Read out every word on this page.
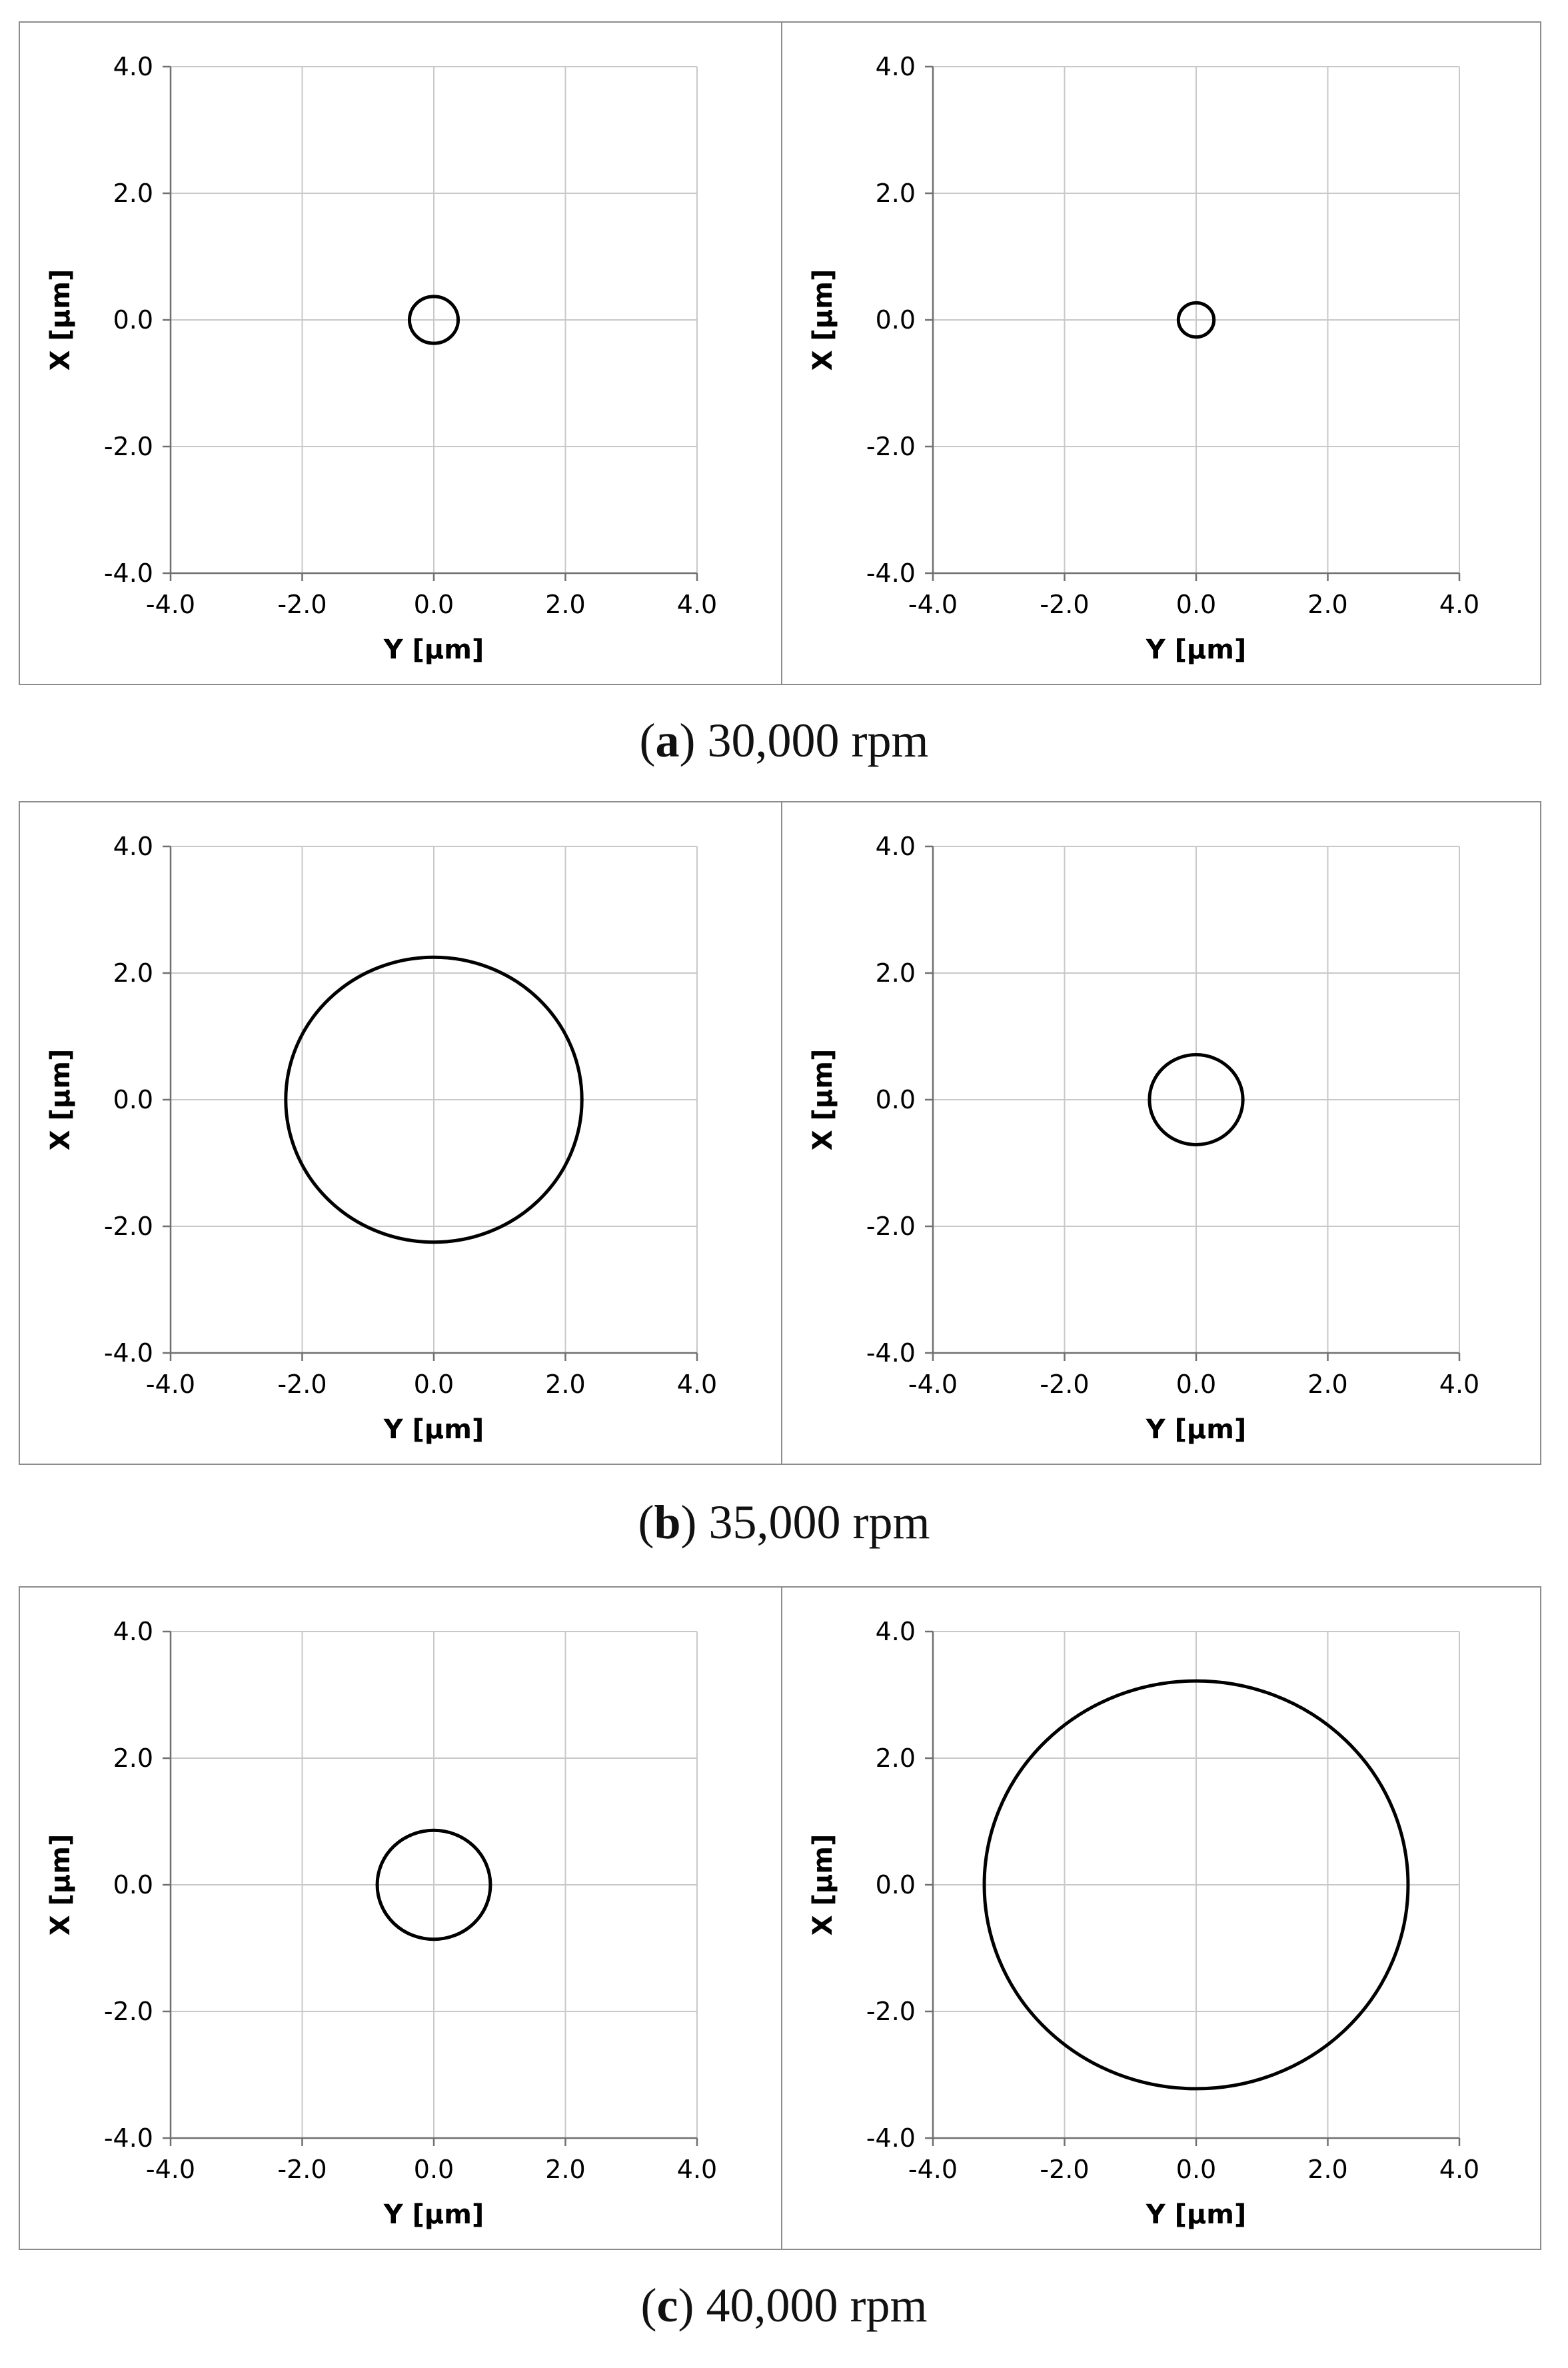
-4.0	-2.0	0.0	2.0	4.0
-4.0
-2.0
0.0
2.0
4.0
Y [µm]
X [µm]
-4.0	-2.0	0.0	2.0	4.0
-4.0
-2.0
0.0
2.0
4.0
Y [µm]
X [µm]
(a) 30,000 rpm
-4.0	-2.0	0.0	2.0	4.0
-4.0
-2.0
0.0
2.0
4.0
Y [µm]
X [µm]
-4.0	-2.0	0.0	2.0	4.0
-4.0
-2.0
0.0
2.0
4.0
Y [µm]
X [µm]
(b) 35,000 rpm
-4.0	-2.0	0.0	2.0	4.0
-4.0
-2.0
0.0
2.0
4.0
Y [µm]
X [µm]
-4.0	-2.0	0.0	2.0	4.0
-4.0
-2.0
0.0
2.0
4.0
Y [µm]
X [µm]
(c) 40,000 rpm
